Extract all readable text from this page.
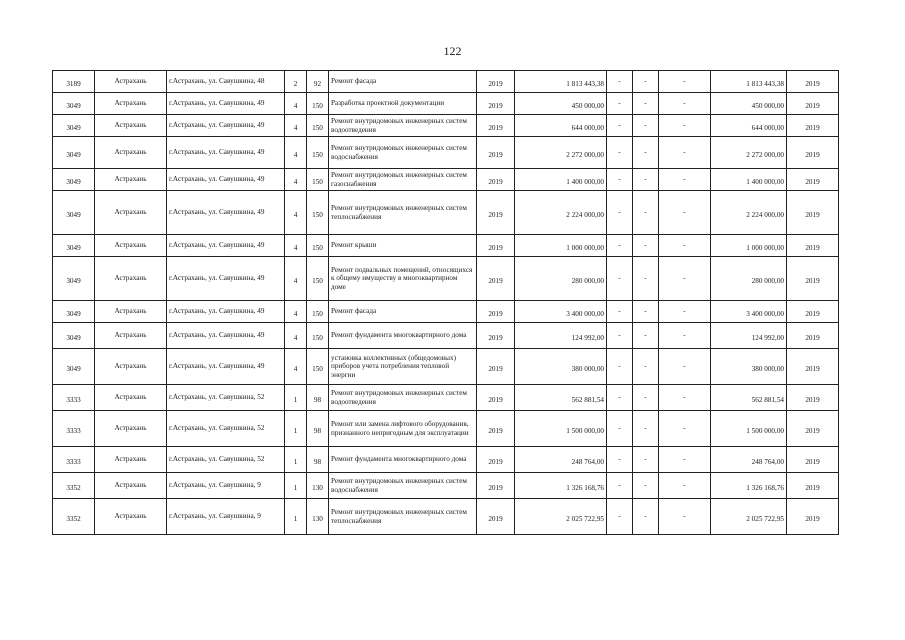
122
3189	Астрахань	г.Астрахань, ул. Савушкина, 48	2	92	Ремонт фасада	2019	1 813 443,38	-	-	-	1 813 443,38	2019

3049	Астрахань	г.Астрахань, ул. Савушкина, 49	4	150	Разработка проектной документации	2019	450 000,00	-	-	-	450 000,00	2019

3049	Астрахань	г.Астрахань, ул. Савушкина, 49	4	150	Ремонт внутридомовых инженерных систем водоотведения	2019	644 000,00	-	-	-	644 000,00	2019

3049	Астрахань	г.Астрахань, ул. Савушкина, 49	4	150	Ремонт внутридомовых инженерных систем водоснабжения	2019	2 272 000,00	-	-	-	2 272 000,00	2019

3049	Астрахань	г.Астрахань, ул. Савушкина, 49	4	150	Ремонт внутридомовых инженерных систем газоснабжения	2019	1 400 000,00	-	-	-	1 400 000,00	2019

3049	Астрахань	г.Астрахань, ул. Савушкина, 49	4	150	Ремонт внутридомовых инженерных систем теплоснабжения	2019	2 224 000,00	-	-	-	2 224 000,00	2019

3049	Астрахань	г.Астрахань, ул. Савушкина, 49	4	150	Ремонт крыши	2019	1 000 000,00	-	-	-	1 000 000,00	2019

3049	Астрахань	г.Астрахань, ул. Савушкина, 49	4	150	Ремонт подвальных помещений, относящихся к общему имуществу в многоквартирном доме	2019	280 000,00	-	-	-	280 000,00	2019

3049	Астрахань	г.Астрахань, ул. Савушкина, 49	4	150	Ремонт фасада	2019	3 400 000,00	-	-	-	3 400 000,00	2019

3049	Астрахань	г.Астрахань, ул. Савушкина, 49	4	150	Ремонт фундамента многоквартирного дома	2019	124 992,00	-	-	-	124 992,00	2019

3049	Астрахань	г.Астрахань, ул. Савушкина, 49	4	150	установка коллективных (общедомовых) приборов учета потребления тепловой энергии	2019	380 000,00	-	-	-	380 000,00	2019

3333	Астрахань	г.Астрахань, ул. Савушкина, 52	1	98	Ремонт внутридомовых инженерных систем водоотведения	2019	562 881,54	-	-	-	562 881,54	2019

3333	Астрахань	г.Астрахань, ул. Савушкина, 52	1	98	Ремонт или замена лифтового оборудования, признанного непригодным для эксплуатации	2019	1 500 000,00	-	-	-	1 500 000,00	2019

3333	Астрахань	г.Астрахань, ул. Савушкина, 52	1	98	Ремонт фундамента многоквартирного дома	2019	248 764,00	-	-	-	248 764,00	2019

3352	Астрахань	г.Астрахань, ул. Савушкина, 9	1	130	Ремонт внутридомовых инженерных систем водоснабжения	2019	1 326 168,76	-	-	-	1 326 168,76	2019

3352	Астрахань	г.Астрахань, ул. Савушкина, 9	1	130	Ремонт внутридомовых инженерных систем теплоснабжения	2019	2 025 722,95	-	-	-	2 025 722,95	2019
